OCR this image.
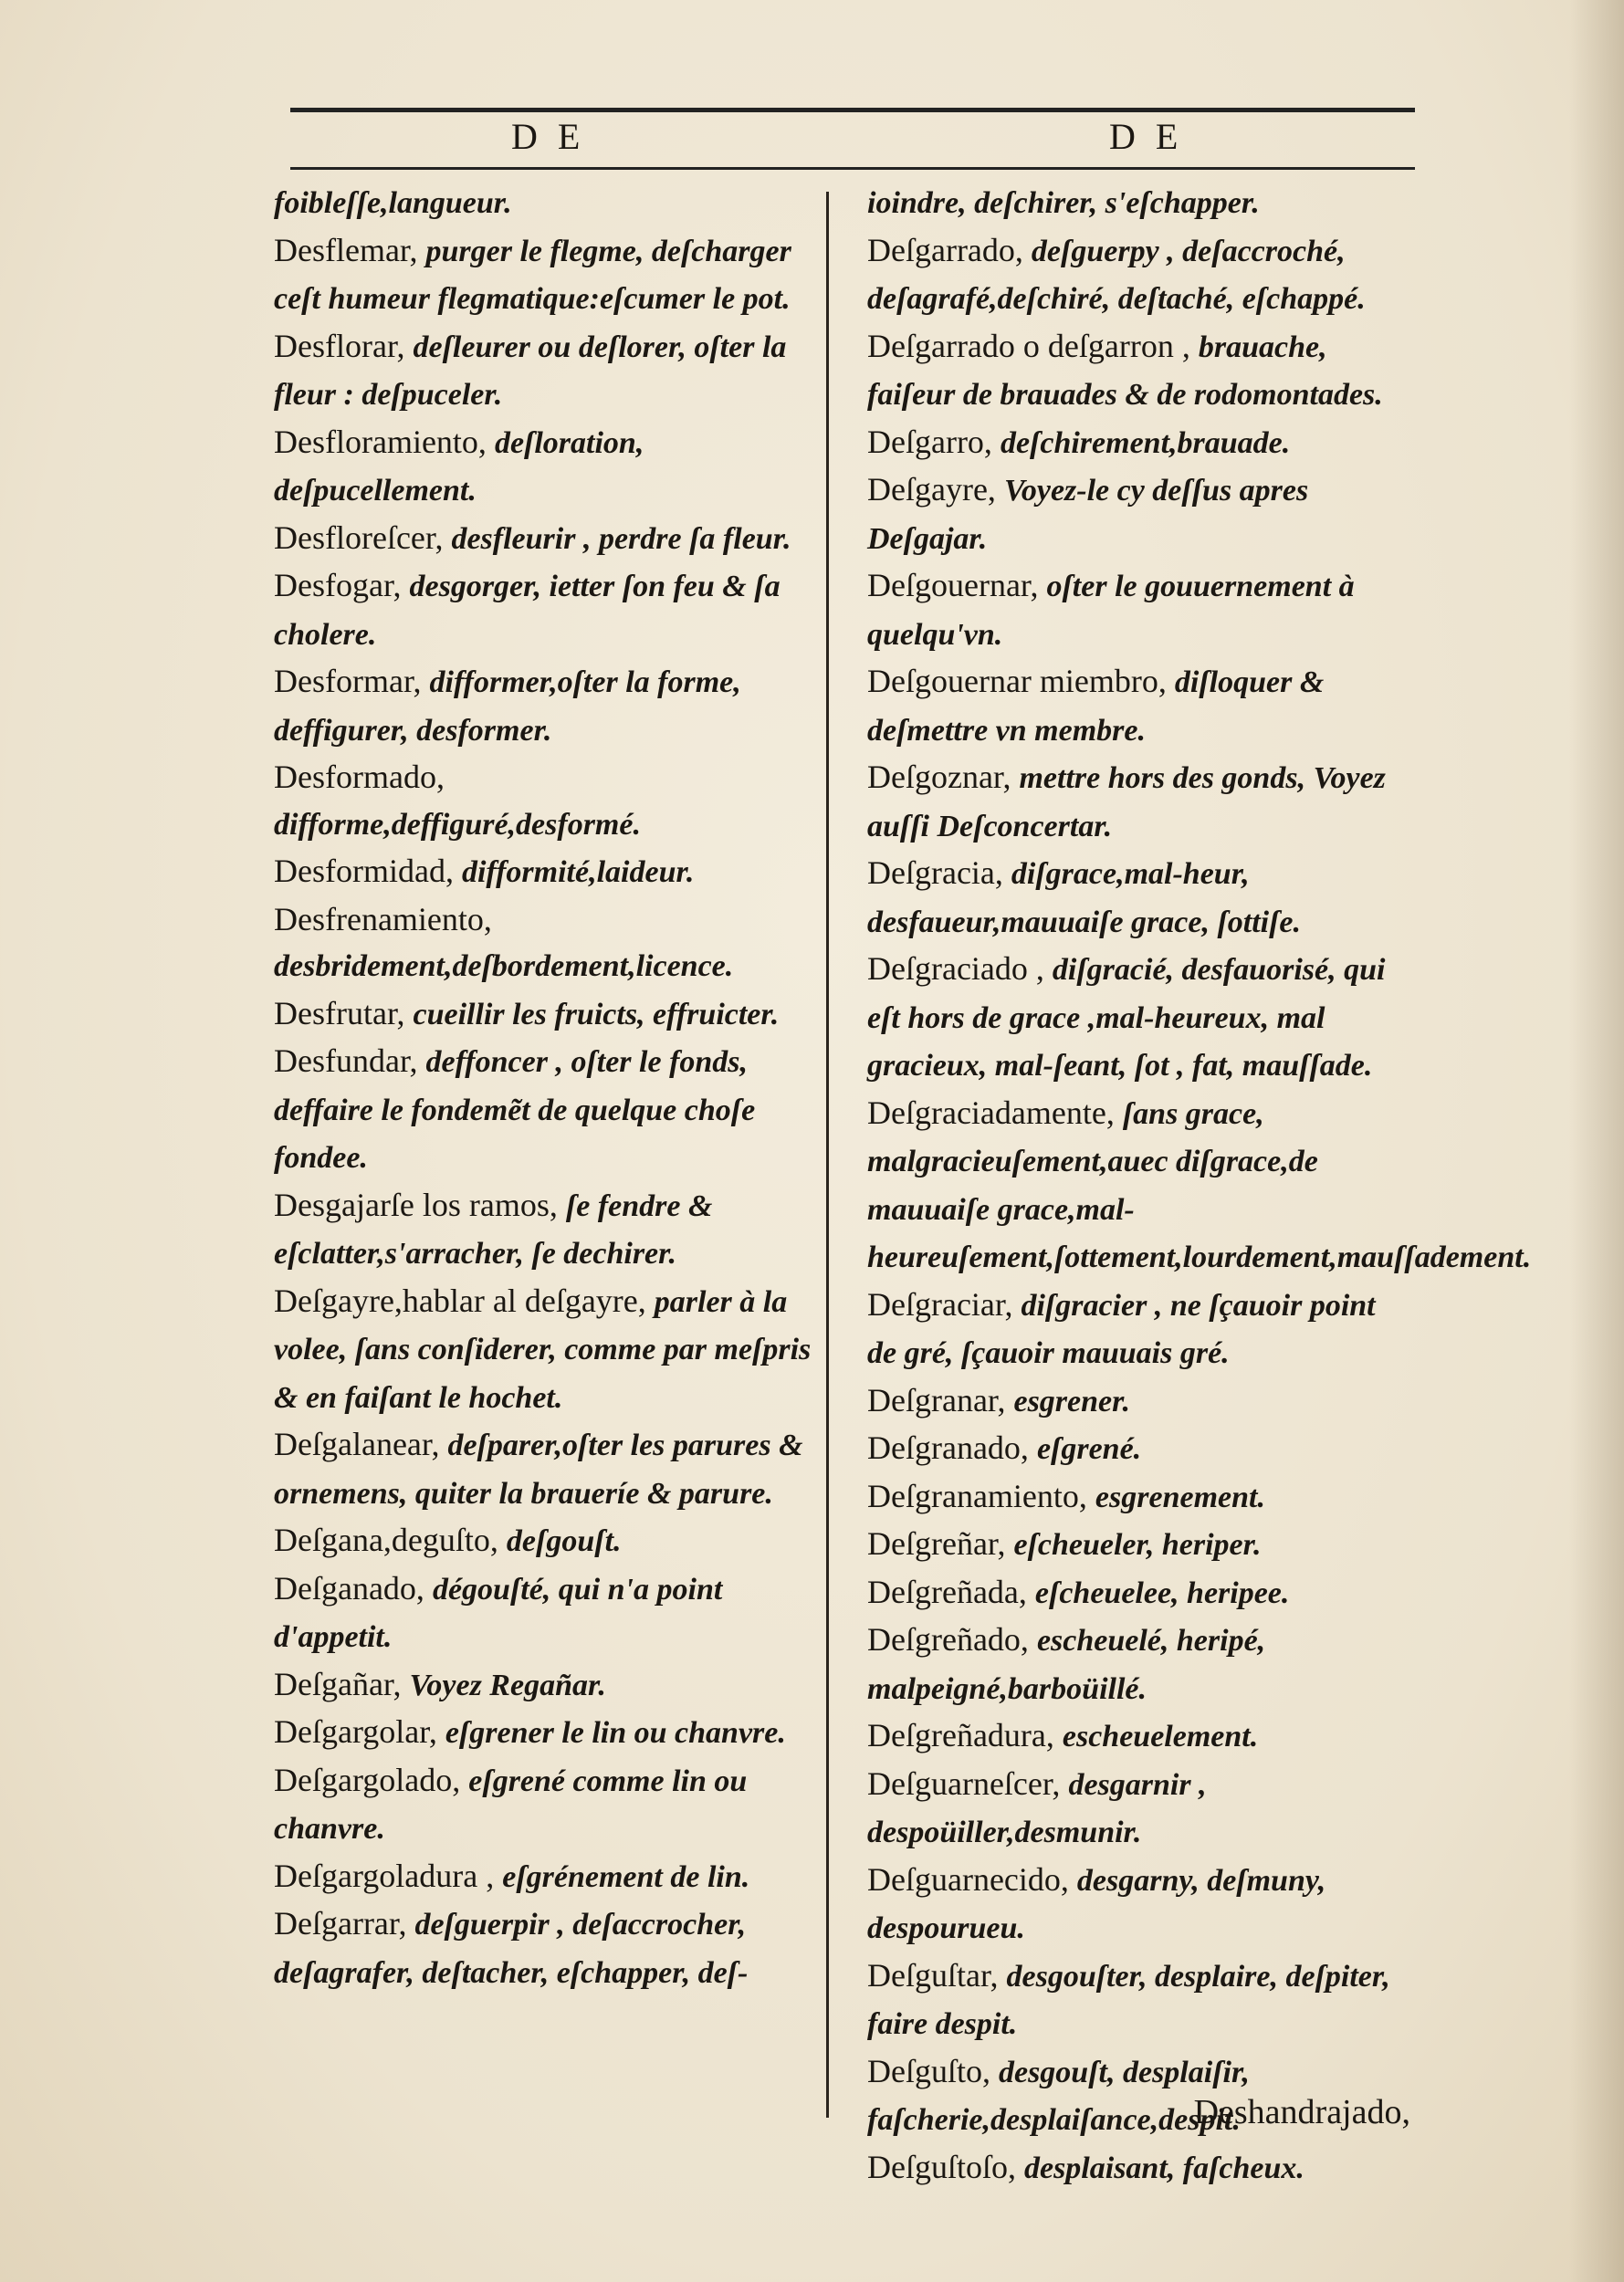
D E	D E
foibleſſe,langueur.
Desflemar, purger le flegme, deſcharger ceſt humeur flegmatique:eſcumer le pot.
Desflorar, deſleurer ou deſlorer, oſter la fleur : deſpuceler.
Desfloramiento, deſloration, deſpucellement.
Desfloreſcer, desfleurir , perdre ſa fleur.
Desfogar, desgorger, ietter ſon feu & ſa cholere.
Desformar, difformer,oſter la forme, deffigurer, desformer.
Desformado, difforme,deffiguré,desformé.
Desformidad, difformité,laideur.
Desfrenamiento, desbridement,deſbordement,licence.
Desfrutar, cueillir les fruicts, effruicter.
Desfundar, deffoncer , oſter le fonds, deffaire le fondemẽt de quelque choſe fondee.
Desgajarſe los ramos, ſe fendre & eſclatter,s'arracher, ſe dechirer.
Deſgayre,hablar al deſgayre, parler à la volee, ſans conſiderer, comme par meſpris & en faiſant le hochet.
Deſgalanear, deſparer,oſter les parures & ornemens, quiter la braueríe & parure.
Deſgana,deguſto, deſgouſt.
Deſganado, dégouſté, qui n'a point d'appetit.
Deſgañar, Voyez Regañar.
Deſgargolar, eſgrener le lin ou chanvre.
Deſgargolado, eſgrené comme lin ou chanvre.
Deſgargoladura , eſgrénement de lin.
Deſgarrar, deſguerpir , deſaccrocher, deſagrafer, deſtacher, eſchapper, deſ-
ioindre, deſchirer, s'eſchapper.
Deſgarrado, deſguerpy , deſaccroché, deſagrafé,deſchiré, deſtaché, eſchappé.
Deſgarrado o deſgarron , brauache, faiſeur de brauades & de rodomontades.
Deſgarro, deſchirement,brauade.
Deſgayre, Voyez-le cy deſſus apres Deſgajar.
Deſgouernar, oſter le gouuernement à quelqu'vn.
Deſgouernar miembro, diſloquer & deſmettre vn membre.
Deſgoznar, mettre hors des gonds, Voyez auſſi Deſconcertar.
Deſgracia, diſgrace,mal-heur, desfaueur,mauuaiſe grace, ſottiſe.
Deſgraciado , diſgracié, desfauorisé, qui eſt hors de grace ,mal-heureux, mal gracieux, mal-ſeant, ſot , fat, mauſſade.
Deſgraciadamente, ſans grace, malgracieuſement,auec diſgrace,de mauuaiſe grace,mal-heureuſement,ſottement,lourdement,mauſſadement.
Deſgraciar, diſgracier , ne ſçauoir point de gré, ſçauoir mauuais gré.
Deſgranar, esgrener.
Deſgranado, eſgrené.
Deſgranamiento, esgrenement.
Deſgreñar, eſcheueler, heriper.
Deſgreñada, eſcheuelee, heripee.
Deſgreñado, escheuelé, heripé, malpeigné,barboüillé.
Deſgreñadura, escheuelement.
Deſguarneſcer, desgarnir , despoüiller,desmunir.
Deſguarnecido, desgarny, deſmuny, despourueu.
Deſguſtar, desgouſter, desplaire, deſpiter, faire despit.
Deſguſto, desgouſt, desplaiſir, faſcherie,desplaiſance,despit.
Deſguſtoſo, desplaisant, faſcheux.
Deshandrajado,
